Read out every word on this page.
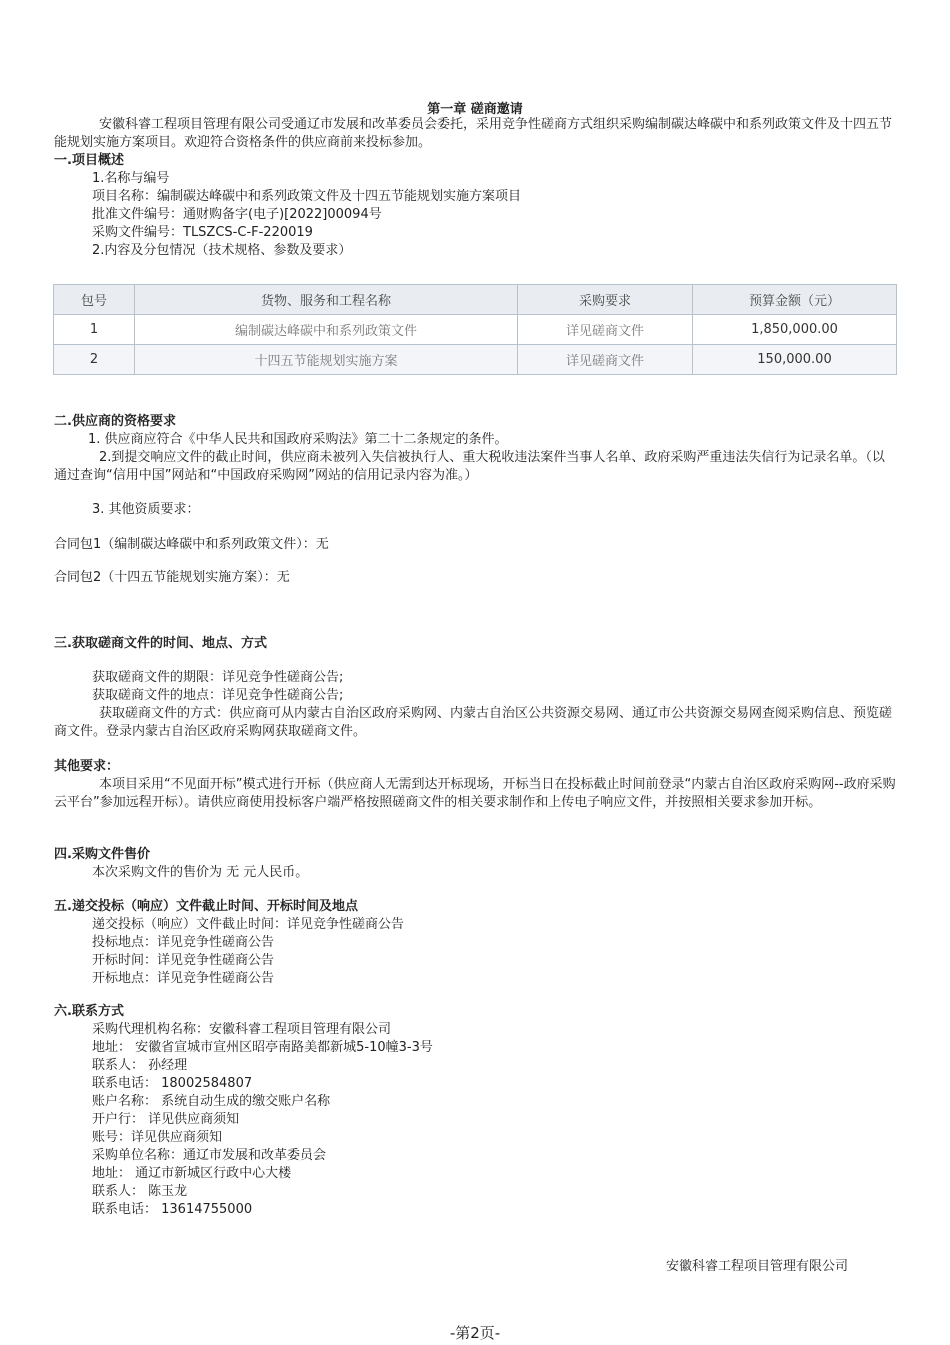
第一章 磋商邀请
安徽科睿工程项目管理有限公司受通辽市发展和改革委员会委托，采用竞争性磋商方式组织采购编制碳达峰碳中和系列政策文件及十四五节能规划实施方案项目。欢迎符合资格条件的供应商前来投标参加。
一.项目概述
1.名称与编号
项目名称：编制碳达峰碳中和系列政策文件及十四五节能规划实施方案项目
批准文件编号：通财购备字(电子)[2022]00094号
采购文件编号：TLSZCS-C-F-220019
2.内容及分包情况（技术规格、参数及要求）
包号	货物、服务和工程名称	采购要求	预算金额（元）
1	编制碳达峰碳中和系列政策文件	详见磋商文件	1,850,000.00
2	十四五节能规划实施方案	详见磋商文件	150,000.00
二.供应商的资格要求
1. 供应商应符合《中华人民共和国政府采购法》第二十二条规定的条件。
2.到提交响应文件的截止时间，供应商未被列入失信被执行人、重大税收违法案件当事人名单、政府采购严重违法失信行为记录名单。（以通过查询“信用中国”网站和“中国政府采购网”网站的信用记录内容为准。）
3. 其他资质要求：
合同包1（编制碳达峰碳中和系列政策文件）：无
合同包2（十四五节能规划实施方案）：无
三.获取磋商文件的时间、地点、方式
获取磋商文件的期限：详见竞争性磋商公告;
获取磋商文件的地点：详见竞争性磋商公告;
获取磋商文件的方式：供应商可从内蒙古自治区政府采购网、内蒙古自治区公共资源交易网、通辽市公共资源交易网查阅采购信息、预览磋商文件。登录内蒙古自治区政府采购网获取磋商文件。
其他要求：
本项目采用“不见面开标”模式进行开标（供应商人无需到达开标现场，开标当日在投标截止时间前登录“内蒙古自治区政府采购网--政府采购云平台”参加远程开标）。请供应商使用投标客户端严格按照磋商文件的相关要求制作和上传电子响应文件，并按照相关要求参加开标。
四.采购文件售价
本次采购文件的售价为 无 元人民币。
五.递交投标（响应）文件截止时间、开标时间及地点
递交投标（响应）文件截止时间：详见竞争性磋商公告
投标地点：详见竞争性磋商公告
开标时间：详见竞争性磋商公告
开标地点：详见竞争性磋商公告
六.联系方式
采购代理机构名称：安徽科睿工程项目管理有限公司
地址： 安徽省宣城市宣州区昭亭南路美都新城5-10幢3-3号
联系人： 孙经理
联系电话： 18002584807
账户名称： 系统自动生成的缴交账户名称
开户行： 详见供应商须知
账号：详见供应商须知
采购单位名称：通辽市发展和改革委员会
地址： 通辽市新城区行政中心大楼
联系人： 陈玉龙
联系电话： 13614755000
安徽科睿工程项目管理有限公司
-第2页-
